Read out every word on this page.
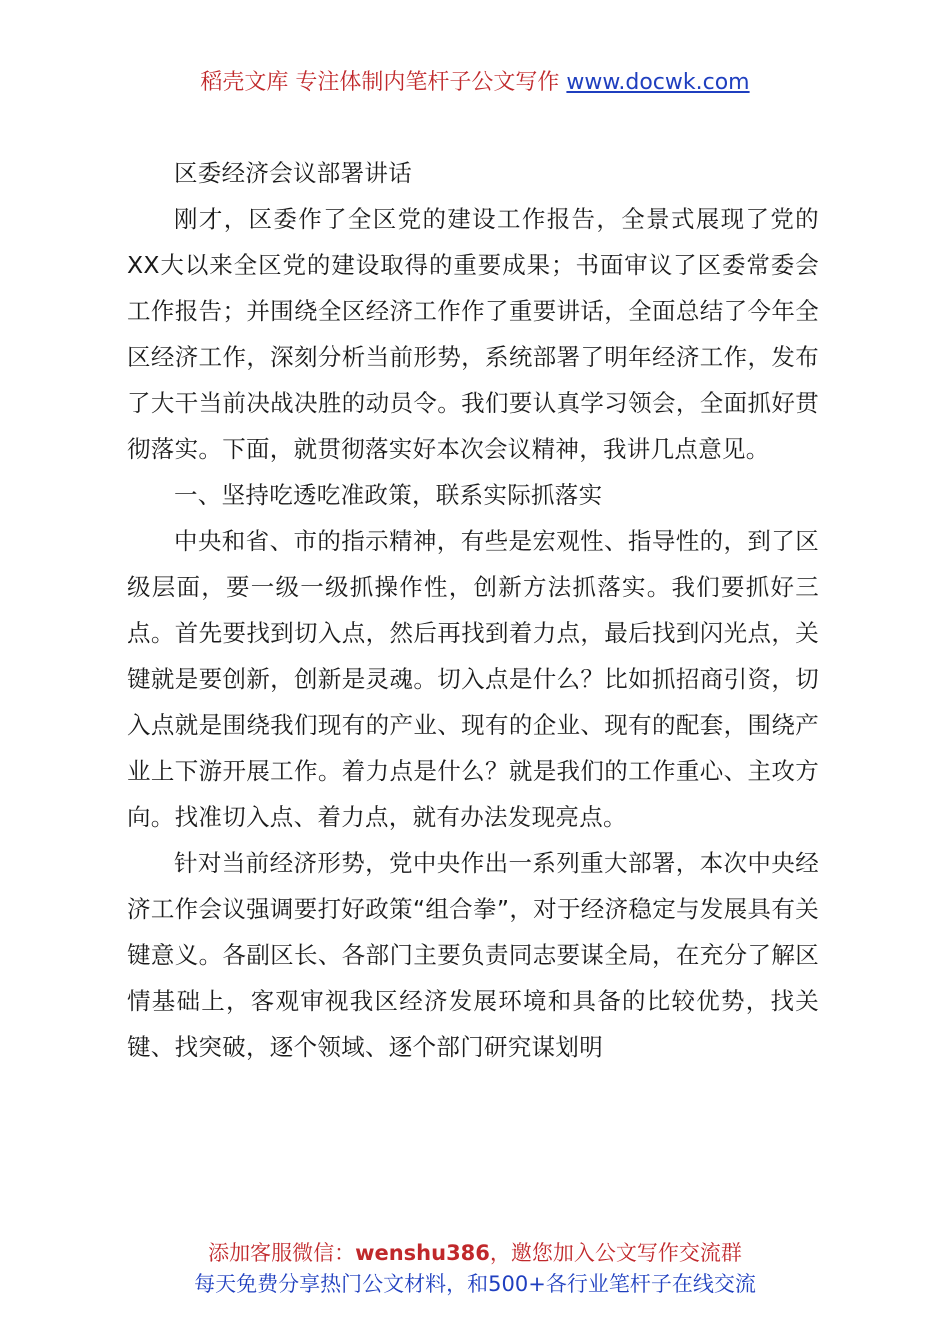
稻壳文库 专注体制内笔杆子公文写作 www.docwk.com

区委经济会议部署讲话

刚才，区委作了全区党的建设工作报告，全景式展现了党的XX大以来全区党的建设取得的重要成果；书面审议了区委常委会工作报告；并围绕全区经济工作作了重要讲话，全面总结了今年全区经济工作，深刻分析当前形势，系统部署了明年经济工作，发布了大干当前决战决胜的动员令。我们要认真学习领会，全面抓好贯彻落实。下面，就贯彻落实好本次会议精神，我讲几点意见。

一、坚持吃透吃准政策，联系实际抓落实

中央和省、市的指示精神，有些是宏观性、指导性的，到了区级层面，要一级一级抓操作性，创新方法抓落实。我们要抓好三点。首先要找到切入点，然后再找到着力点，最后找到闪光点，关键就是要创新，创新是灵魂。切入点是什么？比如抓招商引资，切入点就是围绕我们现有的产业、现有的企业、现有的配套，围绕产业上下游开展工作。着力点是什么？就是我们的工作重心、主攻方向。找准切入点、着力点，就有办法发现亮点。

针对当前经济形势，党中央作出一系列重大部署，本次中央经济工作会议强调要打好政策“组合拳”，对于经济稳定与发展具有关键意义。各副区长、各部门主要负责同志要谋全局，在充分了解区情基础上，客观审视我区经济发展环境和具备的比较优势，找关键、找突破，逐个领域、逐个部门研究谋划明

添加客服微信：wenshu386，邀您加入公文写作交流群
每天免费分享热门公文材料，和500+各行业笔杆子在线交流
